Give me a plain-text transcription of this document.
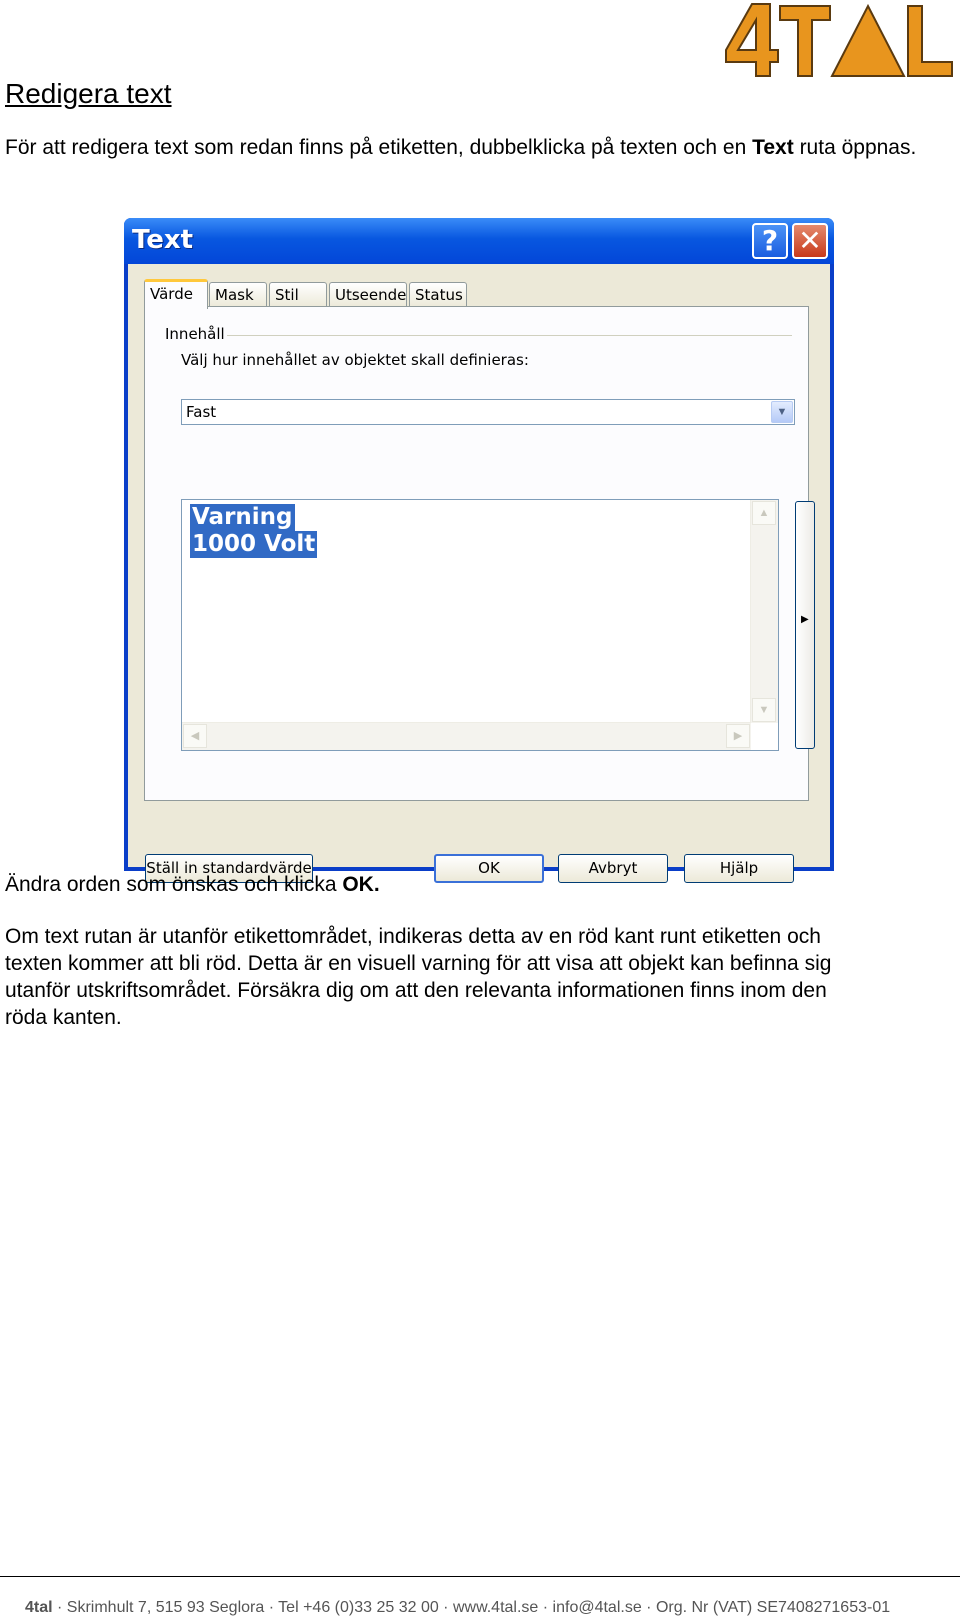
Redigera text

För att redigera text som redan finns på etiketten, dubbelklicka på texten och en Text ruta öppnas.

Text	? ✕
Värde	Mask	Stil	Utseende Status
Innehåll
Välj hur innehållet av objektet skall definieras:
Fast	▼
Varning
1000 Volt
▲
▼
◀	▶
▶
Ställ in standardvärde	OK	Avbryt	Hjälp

Ändra orden som önskas och klicka OK.

Om text rutan är utanför etikettområdet, indikeras detta av en röd kant runt etiketten och
texten kommer att bli röd. Detta är en visuell varning för att visa att objekt kan befinna sig
utanför utskriftsområdet. Försäkra dig om att den relevanta informationen finns inom den
röda kanten.

4tal · Skrimhult 7, 515 93 Seglora · Tel +46 (0)33 25 32 00 · www.4tal.se · info@4tal.se · Org. Nr (VAT) SE7408271653-01
